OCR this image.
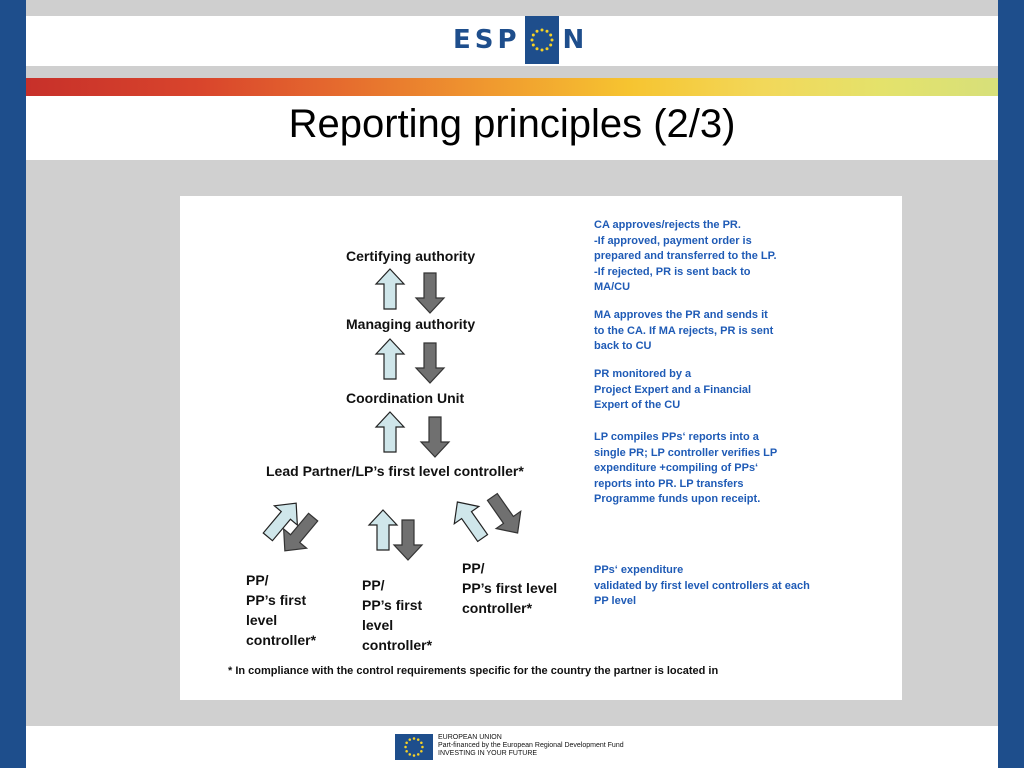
ESP N
Reporting principles (2/3)
Certifying authority
Managing authority
Coordination Unit
Lead Partner/LP’s first level controller*
PP/
PP’s first
level
controller*
PP/
PP’s first
level
controller*
PP/
PP’s first level
controller*
CA approves/rejects the PR.
-If approved, payment order is
prepared and transferred to the LP.
-If rejected, PR is sent back to
MA/CU
MA approves the PR and sends it
to the CA. If MA rejects, PR is sent
back to CU
PR monitored by a
Project Expert and a Financial
Expert of the CU
LP compiles PPs‘ reports into a
single PR; LP controller verifies LP
expenditure +compiling of PPs‘
reports into PR. LP transfers
Programme funds upon receipt.
PPs‘ expenditure
validated by first level controllers at each
PP level
* In compliance with the control requirements specific for the country the partner is located in
EUROPEAN UNION
Part-financed by the European Regional Development Fund
INVESTING IN YOUR FUTURE
